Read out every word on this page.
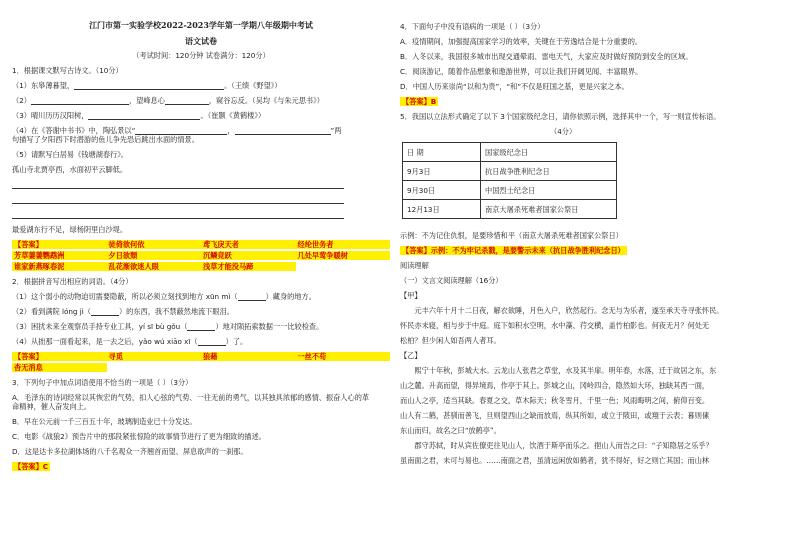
江门市第一实验学校2022-2023学年第一学期八年级期中考试
语文试卷
（考试时间：120分钟 试卷满分：120分）
1．根据课文默写古诗文。（10分）
（1）东皋薄暮望，	。（王绩《野望》）
（2）	，望峰息心	，窥谷忘反。（吴均《与朱元思书》）
（3）晴川历历汉阳树，	。（崔颢《黄鹤楼》）
（4）在《答谢中书书》中，陶弘景以“	，	”两
句描写了夕阳西下时潜游的鱼儿争先恐后跳出水面的情景。
（5）请默写白居易《钱塘湖春行》。
孤山寺北贾亭西，水面初平云脚低。
最爱湖东行不足，绿杨阴里白沙堤。
【答案】	徒倚欲何依	鸢飞戾天者	经纶世务者
芳草萋萋鹦鹉洲	夕日欲颓	沉鳞竞跃	几处早莺争暖树
谁家新燕啄春泥	乱花渐欲迷人眼	浅草才能没马蹄
2．根据拼音写出相应的词语。（4分）
（1）这个弱小的动物迫切需要隐蔽，所以必须立刻找到地方 xūn mì（	）藏身的地方。
（2）看到满院 lóng jì（	）的东西，我不禁蔽然地流下眼泪。
（3）困扰未来全观察员手持专业工具，yí sī bù gǒu（	）地对陨拓索数据一一比较检查。
（4）从拙那一面看起来，是一去之后，yǎo wú xiāo xī（	）了。
【答案】	寻觅	狼藉	一丝不苟
杳无消息
3．下列句子中加点词语使用不恰当的一项是（ ）（3分）
A．毛泽东的诗词经常以其恢宏的气势，扣人心弦的气势、一往无前的勇气，以其独具浓郁的感情、振奋人心的革
命精神，催人奋发向上。
B．早在公元前一千三百五十年，玻璃制造业已十分发达。
C．电影《战狼2》预告片中的那段紧张惊险的故事情节进行了更为细致的描述。
D．这是达卡多拉湖体场的八千名观众一齐翘首而望、屏息欲声的一刹那。
【答案】C
4．下面句子中没有语病的一项是（ ）（3分）
A．疫情期间，加强提高国家学习的效率，关键在于劳逸结合是十分重要的。
B．入冬以来，我国很多城市出现交通晕雨、雷电天气，大家应及时做好预防到安全的区域。
C．阅读游记，随着作品想象和遨游世界，可以让我们开阔见闻、丰富眼界。
D．中国人历来崇尚“以和为贵”，“和”不仅是旺国之基，更是兴家之本。
【答案】B
5．我国以立法形式确定了以下 3个国家级纪念日，请你依照示例，选择其中一个，写一则宣传标语。
（4分）
日 期	国家级纪念日
9月3日	抗日战争胜利纪念日
9月30日	中国烈士纪念日
12月13日	南京大屠杀死难者国家公祭日
示例：不为记住仇恨，是要珍惜和平（南京大屠杀死难者国家公祭日）
【答案】示例：不为牢记杀戮，是要警示未来（抗日战争胜利纪念日）
阅读理解
（一）文言文阅读理解（16分）
【甲】
元丰六年十月十二日夜，解衣欲睡，月色入户，欣然起行。念无与为乐者，遂至承天寺寻张怀民。
怀民亦未寝，相与步于中庭。庭下如积水空明，水中藻、荇交横，盖竹柏影也。何夜无月？何处无
松柏？但少闲人如吾两人者耳。
【乙】
熙宁十年秋，彭城大水。云龙山人张君之草堂，水及其半扉。明年春，水落，迁于故居之东，东
山之麓。升高而望，得异境焉，作亭于其上。彭城之山，冈岭四合，隐然如大环，独缺其西一面，
而山人之亭，适当其缺。春夏之交，草木际天；秋冬雪月，千里一色；风雨晦明之间，俯仰百变。
山人有二鹤，甚驯而善飞，旦则望西山之缺而放焉，纵其所如，或立于陂田，或翔于云表；暮则傃
东山而归，故名之曰“放鹤亭”。
郡守苏轼，时从宾佐僚吏往见山人，饮酒于斯亭而乐之。挹山人而告之曰：“子知隐居之乐乎？
虽南面之君，未可与易也。……南面之君，虽清远闲放如鹤者，犹不得好，好之则亡其国；而山林
